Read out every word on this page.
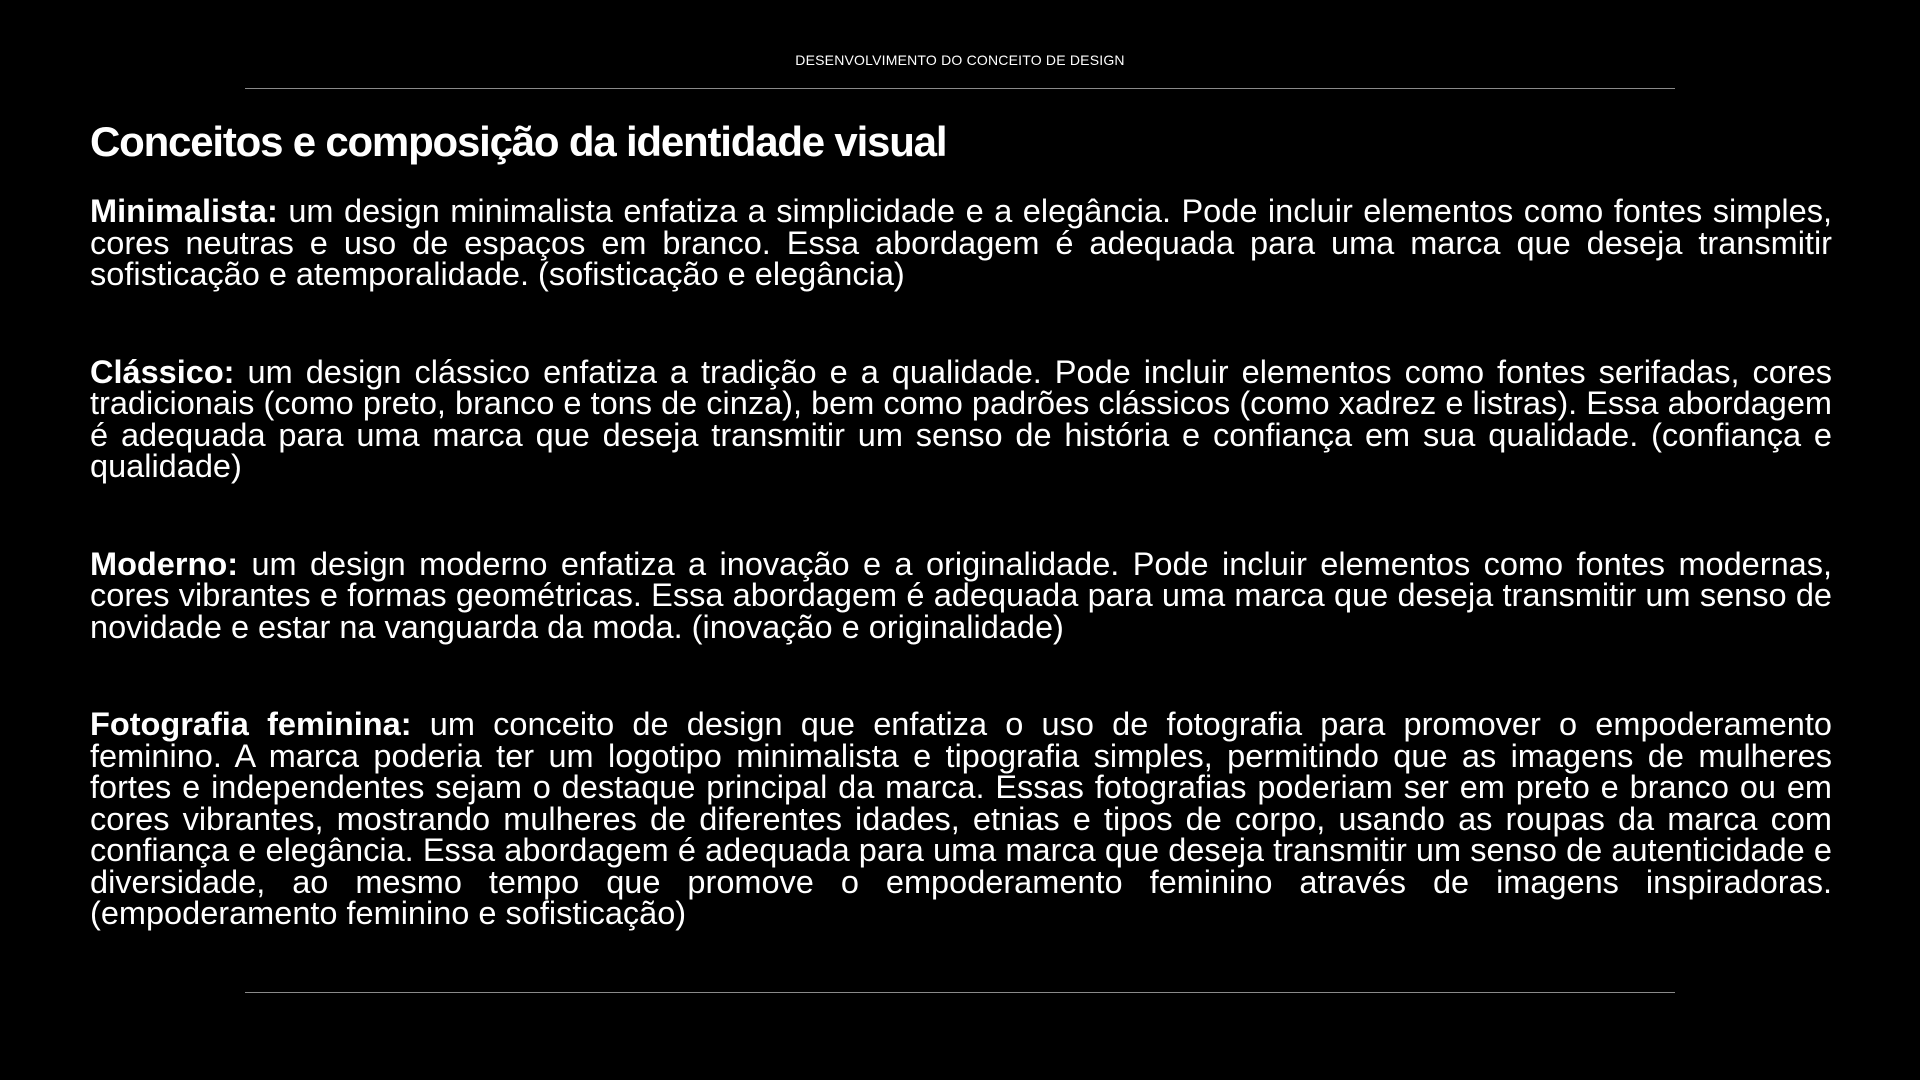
DESENVOLVIMENTO DO CONCEITO DE DESIGN
Conceitos e composição da identidade visual

Minimalista: um design minimalista enfatiza a simplicidade e a elegância. Pode incluir elementos como fontes simples, cores neutras e uso de espaços em branco. Essa abordagem é adequada para uma marca que deseja transmitir sofisticação e atemporalidade. (sofisticação e elegância)

Clássico: um design clássico enfatiza a tradição e a qualidade. Pode incluir elementos como fontes serifadas, cores tradicionais (como preto, branco e tons de cinza), bem como padrões clássicos (como xadrez e listras). Essa abordagem é adequada para uma marca que deseja transmitir um senso de história e confiança em sua qualidade. (confiança e qualidade)

Moderno: um design moderno enfatiza a inovação e a originalidade. Pode incluir elementos como fontes modernas, cores vibrantes e formas geométricas. Essa abordagem é adequada para uma marca que deseja transmitir um senso de novidade e estar na vanguarda da moda. (inovação e originalidade)

Fotografia feminina: um conceito de design que enfatiza o uso de fotografia para promover o empoderamento feminino. A marca poderia ter um logotipo minimalista e tipografia simples, permitindo que as imagens de mulheres fortes e independentes sejam o destaque principal da marca. Essas fotografias poderiam ser em preto e branco ou em cores vibrantes, mostrando mulheres de diferentes idades, etnias e tipos de corpo, usando as roupas da marca com confiança e elegância. Essa abordagem é adequada para uma marca que deseja transmitir um senso de autenticidade e diversidade, ao mesmo tempo que promove o empoderamento feminino através de imagens inspiradoras. (empoderamento feminino e sofisticação)
